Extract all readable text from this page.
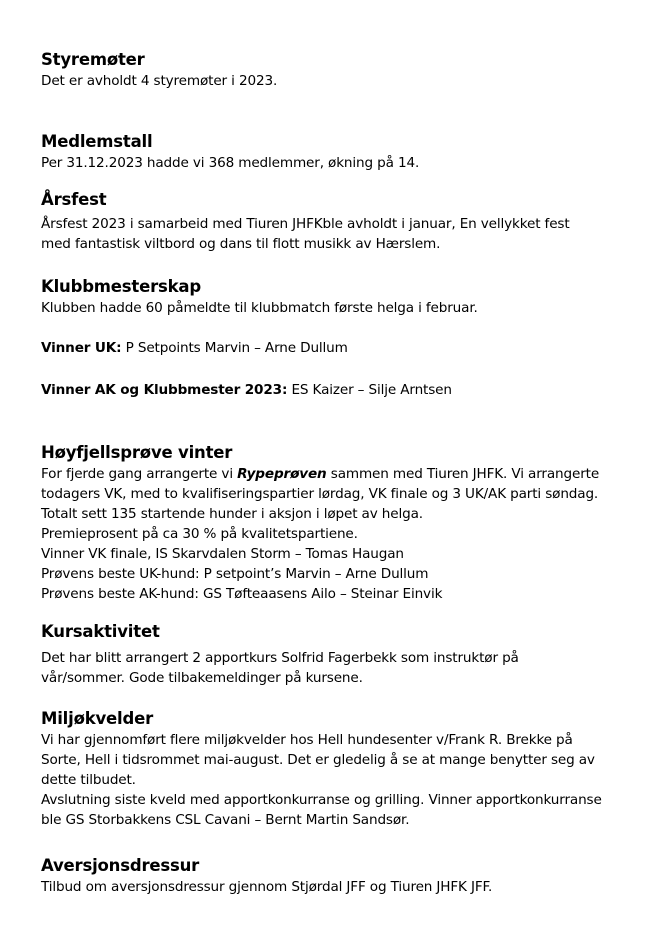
Styremøter

Det er avholdt 4 styremøter i 2023.

Medlemstall

Per 31.12.2023 hadde vi 368 medlemmer, økning på 14.

Årsfest

Årsfest 2023 i samarbeid med Tiuren JHFKble avholdt i januar, En vellykket fest

med fantastisk viltbord og dans til flott musikk av Hærslem.

Klubbmesterskap

Klubben hadde 60 påmeldte til klubbmatch første helga i februar.

Vinner UK: P Setpoints Marvin – Arne Dullum

Vinner AK og Klubbmester 2023: ES Kaizer – Silje Arntsen

Høyfjellsprøve vinter

For fjerde gang arrangerte vi Rypeprøven sammen med Tiuren JHFK. Vi arrangerte

todagers VK, med to kvalifiseringspartier lørdag, VK finale og 3 UK/AK parti søndag.

Totalt sett 135 startende hunder i aksjon i løpet av helga.

Premieprosent på ca 30 % på kvalitetspartiene.

Vinner VK finale, IS Skarvdalen Storm – Tomas Haugan

Prøvens beste UK-hund: P setpoint’s Marvin – Arne Dullum

Prøvens beste AK-hund: GS Tøfteaasens Ailo – Steinar Einvik

Kursaktivitet

Det har blitt arrangert 2 apportkurs Solfrid Fagerbekk som instruktør på

vår/sommer. Gode tilbakemeldinger på kursene.

Miljøkvelder

Vi har gjennomført flere miljøkvelder hos Hell hundesenter v/Frank R. Brekke på

Sorte, Hell i tidsrommet mai-august. Det er gledelig å se at mange benytter seg av

dette tilbudet.

Avslutning siste kveld med apportkonkurranse og grilling. Vinner apportkonkurranse

ble GS Storbakkens CSL Cavani – Bernt Martin Sandsør.

Aversjonsdressur

Tilbud om aversjonsdressur gjennom Stjørdal JFF og Tiuren JHFK JFF.
